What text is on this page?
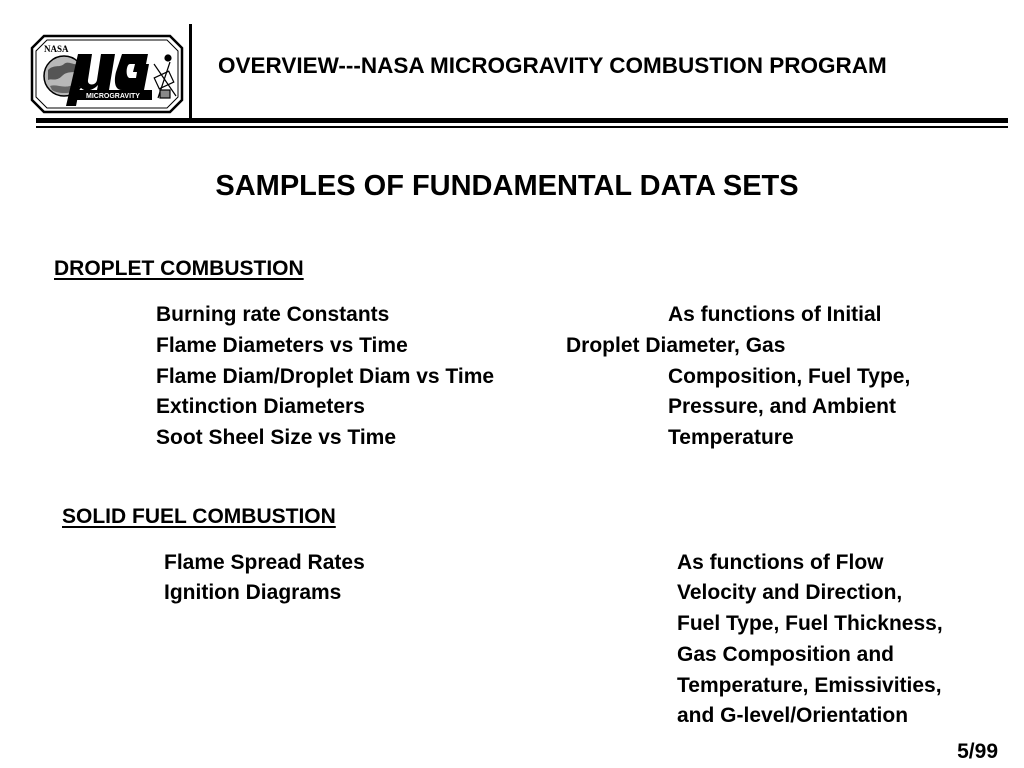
MICROGRAVITY
NASA
OVERVIEW---NASA MICROGRAVITY COMBUSTION PROGRAM
SAMPLES OF FUNDAMENTAL DATA SETS
DROPLET COMBUSTION
Burning rate Constants
Flame Diameters vs Time
Flame Diam/Droplet Diam vs Time
Extinction Diameters
Soot Sheel Size vs Time
As functions of Initial
Droplet Diameter, Gas
Composition, Fuel Type,
Pressure, and Ambient
Temperature
SOLID FUEL COMBUSTION
Flame Spread Rates
Ignition Diagrams
As functions of Flow
Velocity and Direction,
Fuel Type, Fuel Thickness,
Gas Composition and
Temperature, Emissivities,
and G-level/Orientation
5/99
